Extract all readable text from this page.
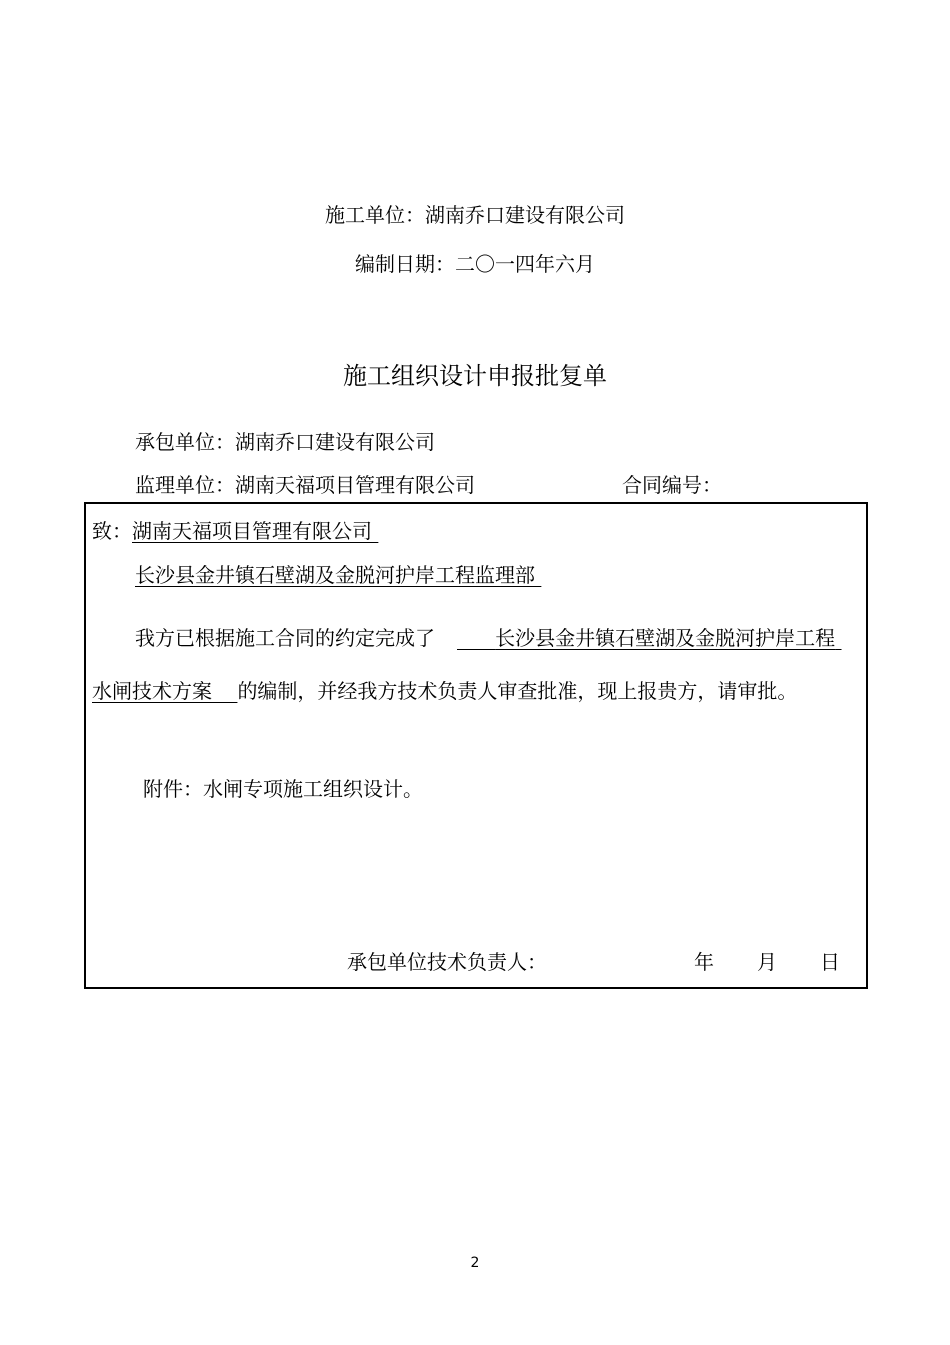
施工单位：湖南乔口建设有限公司
编制日期：二〇一四年六月
施工组织设计申报批复单
承包单位：湖南乔口建设有限公司
监理单位：湖南天福项目管理有限公司	合同编号：
致：湖南天福项目管理有限公司
长沙县金井镇石壁湖及金脱河护岸工程监理部
我方已根据施工合同的约定完成了	长沙县金井镇石壁湖及金脱河护岸工程
水闸技术方案 的编制，并经我方技术负责人审查批准，现上报贵方，请审批。
附件：水闸专项施工组织设计。
承包单位技术负责人：	年 月 日
2
